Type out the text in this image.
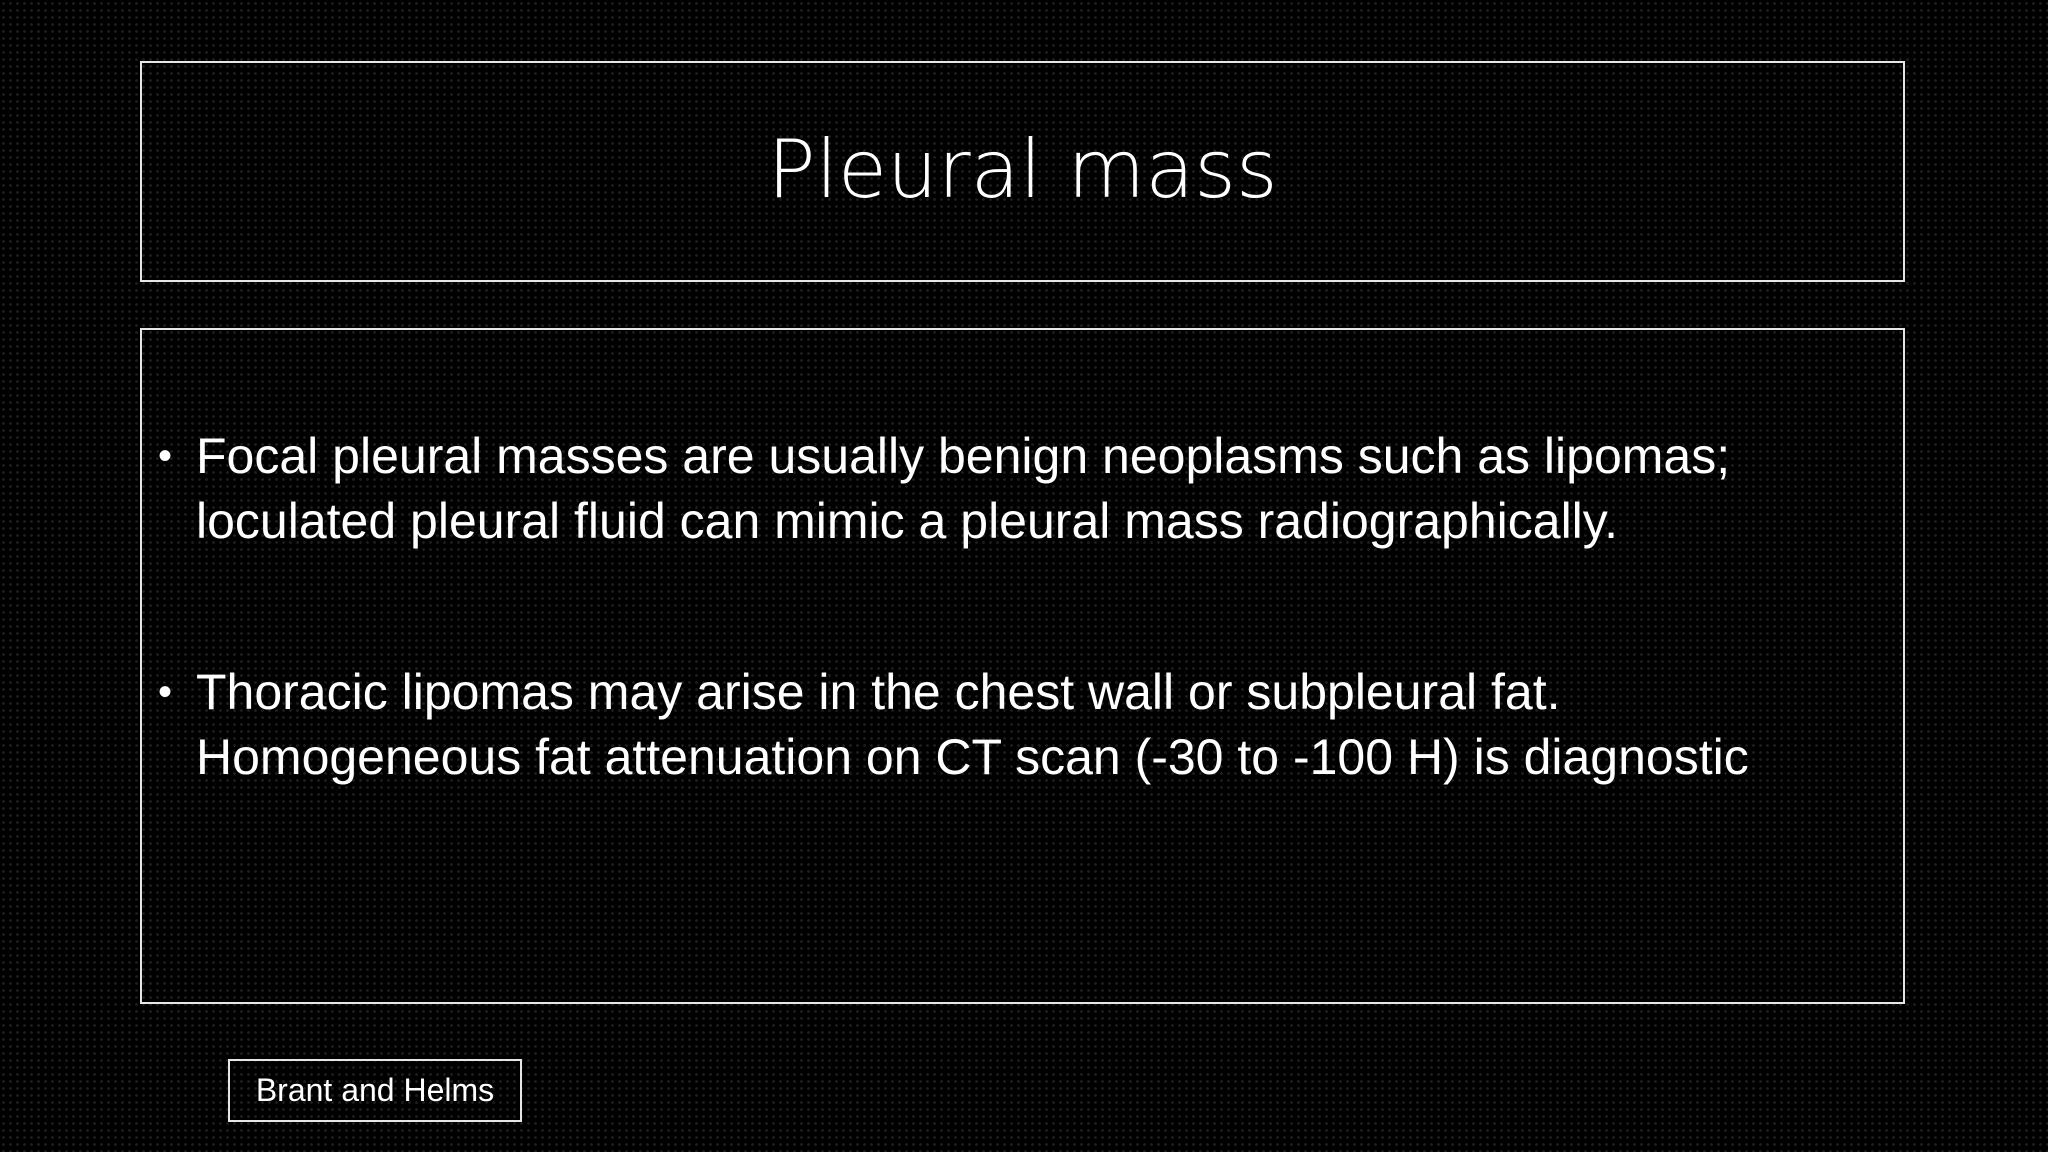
Pleural mass
• Focal pleural masses are usually benign neoplasms such as lipomas;
loculated pleural fluid can mimic a pleural mass radiographically.
• Thoracic lipomas may arise in the chest wall or subpleural fat.
Homogeneous fat attenuation on CT scan (-30 to -100 H) is diagnostic
Brant and Helms
